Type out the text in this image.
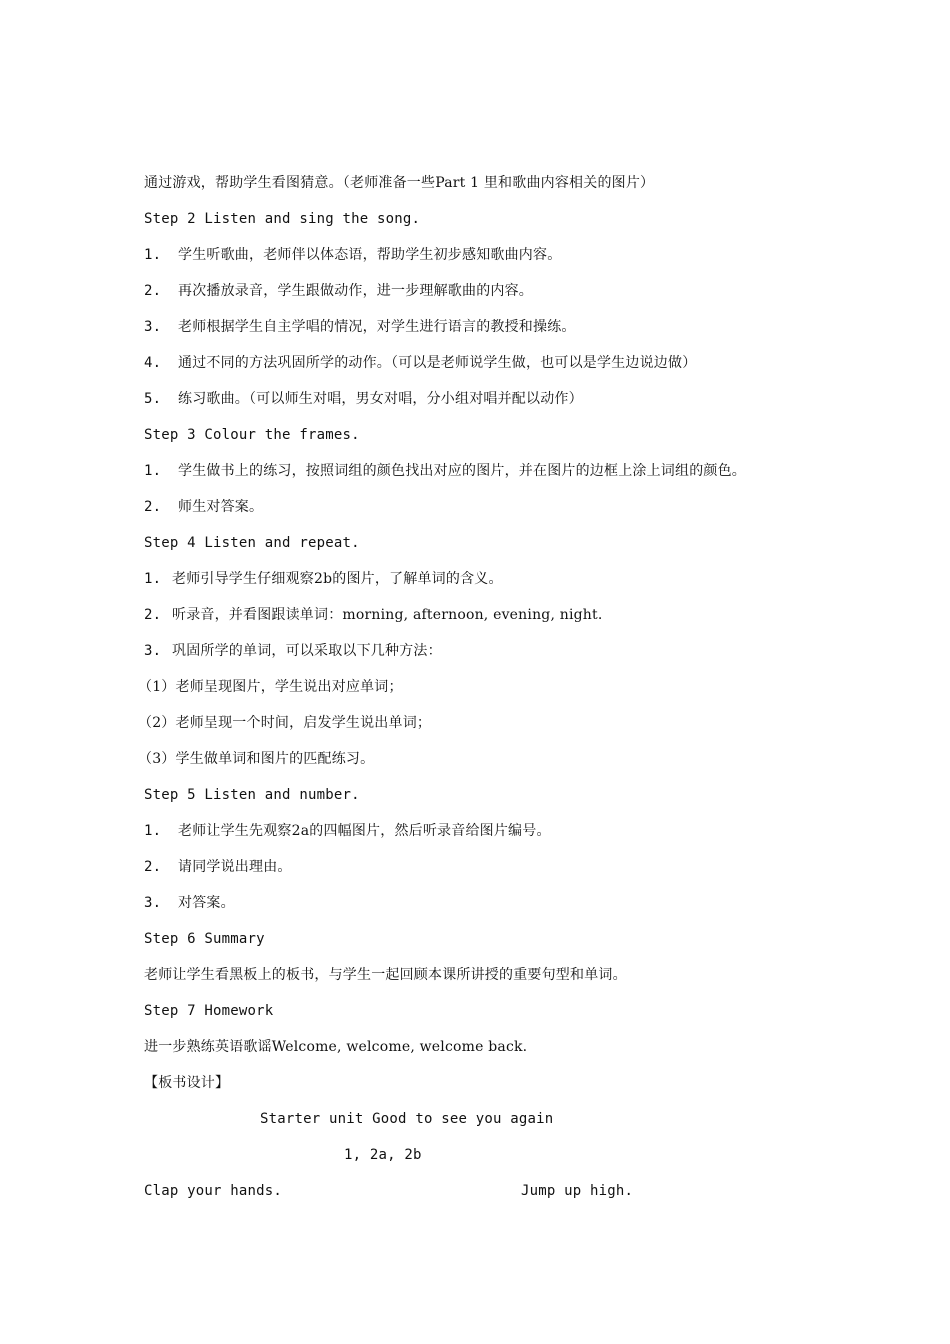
通过游戏，帮助学生看图猜意。（老师准备一些Part 1 里和歌曲内容相关的图片）
Step 2 Listen and sing the song.
1. 学生听歌曲，老师伴以体态语，帮助学生初步感知歌曲内容。
2. 再次播放录音，学生跟做动作，进一步理解歌曲的内容。
3. 老师根据学生自主学唱的情况，对学生进行语言的教授和操练。
4. 通过不同的方法巩固所学的动作。（可以是老师说学生做，也可以是学生边说边做）
5. 练习歌曲。（可以师生对唱，男女对唱，分小组对唱并配以动作）
Step 3 Colour the frames.
1. 学生做书上的练习，按照词组的颜色找出对应的图片，并在图片的边框上涂上词组的颜色。
2. 师生对答案。
Step 4 Listen and repeat.
1. 老师引导学生仔细观察2b的图片，了解单词的含义。
2. 听录音，并看图跟读单词：morning, afternoon, evening, night.
3. 巩固所学的单词，可以采取以下几种方法：
（1）老师呈现图片，学生说出对应单词；
（2）老师呈现一个时间，启发学生说出单词；
（3）学生做单词和图片的匹配练习。
Step 5 Listen and number.
1. 老师让学生先观察2a的四幅图片，然后听录音给图片编号。
2. 请同学说出理由。
3. 对答案。
Step 6 Summary
老师让学生看黑板上的板书，与学生一起回顾本课所讲授的重要句型和单词。
Step 7 Homework
进一步熟练英语歌谣Welcome, welcome, welcome back.
【板书设计】
Starter unit Good to see you again
1, 2a, 2b
Clap your hands.	Jump up high.
